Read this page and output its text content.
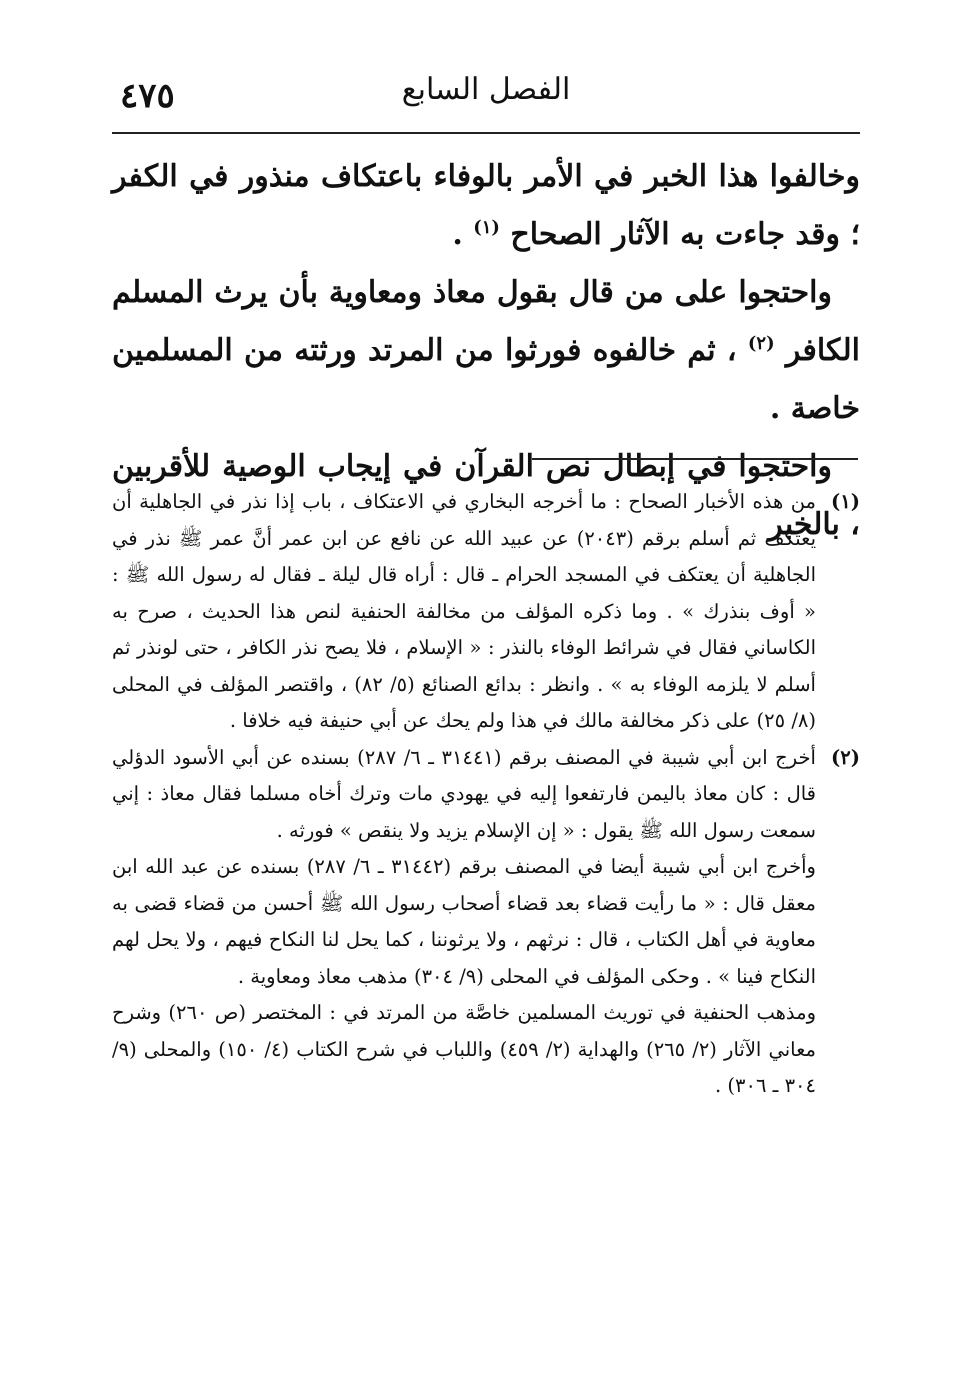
٤٧٥	الفصل السابع

وخالفوا هذا الخبر في الأمر بالوفاء باعتكاف منذور في الكفر ؛ وقد جاءت به الآثار الصحاح $^{(١)}$ .

واحتجوا على من قال بقول معاذ ومعاوية بأن يرث المسلم الكافر $^{(٢)}$ ، ثم خالفوه فورثوا من المرتد ورثته من المسلمين خاصة .

واحتجوا في إبطال نص القرآن في إيجاب الوصية للأقربين ، بالخبر

(١)

من هذه الأخبار الصحاح : ما أخرجه البخاري في الاعتكاف ، باب إذا نذر في الجاهلية أن يعتكف ثم أسلم برقم (٢٠٤٣) عن عبيد الله عن نافع عن ابن عمر أنَّ عمر ﷺ نذر في الجاهلية أن يعتكف في المسجد الحرام ـ قال : أراه قال ليلة ـ فقال له رسول الله ﷺ : « أوف بنذرك » . وما ذكره المؤلف من مخالفة الحنفية لنص هذا الحديث ، صرح به الكاساني فقال في شرائط الوفاء بالنذر : « الإسلام ، فلا يصح نذر الكافر ، حتى لونذر ثم أسلم لا يلزمه الوفاء به » . وانظر : بدائع الصنائع (٥/ ٨٢) ، واقتصر المؤلف في المحلى (٨/ ٢٥) على ذكر مخالفة مالك في هذا ولم يحك عن أبي حنيفة فيه خلافا .

(٢)

أخرج ابن أبي شيبة في المصنف برقم (٣١٤٤١ ـ ٦/ ٢٨٧) بسنده عن أبي الأسود الدؤلي قال : كان معاذ باليمن فارتفعوا إليه في يهودي مات وترك أخاه مسلما فقال معاذ : إني سمعت رسول الله ﷺ يقول : « إن الإسلام يزيد ولا ينقص » فورثه .

وأخرج ابن أبي شيبة أيضا في المصنف برقم (٣١٤٤٢ ـ ٦/ ٢٨٧) بسنده عن عبد الله ابن معقل قال : « ما رأيت قضاء بعد قضاء أصحاب رسول الله ﷺ أحسن من قضاء قضى به معاوية في أهل الكتاب ، قال : نرثهم ، ولا يرثوننا ، كما يحل لنا النكاح فيهم ، ولا يحل لهم النكاح فينا » . وحكى المؤلف في المحلى (٩/ ٣٠٤) مذهب معاذ ومعاوية .

ومذهب الحنفية في توريث المسلمين خاصَّة من المرتد في : المختصر (ص ٢٦٠) وشرح معاني الآثار (٢/ ٢٦٥) والهداية (٢/ ٤٥٩) واللباب في شرح الكتاب (٤/ ١٥٠) والمحلى (٩/ ٣٠٤ ـ ٣٠٦) .
